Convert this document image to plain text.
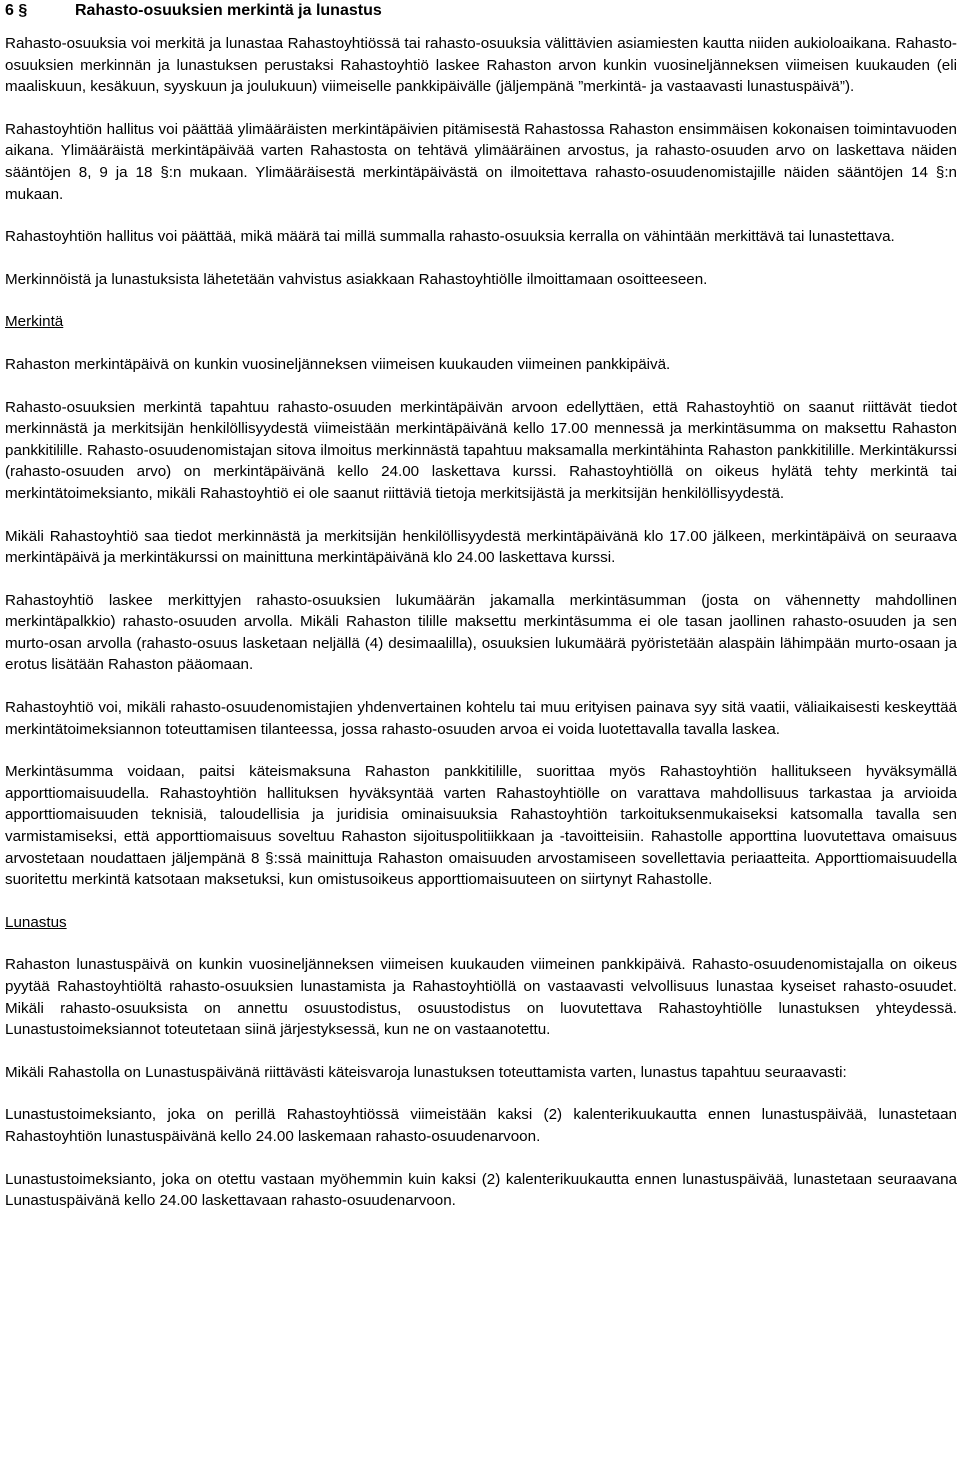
6 §	Rahasto-osuuksien merkintä ja lunastus

Rahasto-osuuksia voi merkitä ja lunastaa Rahastoyhtiössä tai rahasto-osuuksia välittävien asiamiesten kautta niiden aukioloaikana. Rahasto-osuuksien merkinnän ja lunastuksen perustaksi Rahastoyhtiö laskee Rahaston arvon kunkin vuosineljänneksen viimeisen kuukauden (eli maaliskuun, kesäkuun, syyskuun ja joulukuun) viimeiselle pankkipäivälle (jäljempänä ”merkintä- ja vastaavasti lunastuspäivä”).

Rahastoyhtiön hallitus voi päättää ylimääräisten merkintäpäivien pitämisestä Rahastossa Rahaston ensimmäisen kokonaisen toimintavuoden aikana. Ylimääräistä merkintäpäivää varten Rahastosta on tehtävä ylimääräinen arvostus, ja rahasto-osuuden arvo on laskettava näiden sääntöjen 8, 9 ja 18 §:n mukaan. Ylimääräisestä merkintäpäivästä on ilmoitettava rahasto-osuudenomistajille näiden sääntöjen 14 §:n mukaan.

Rahastoyhtiön hallitus voi päättää, mikä määrä tai millä summalla rahasto-osuuksia kerralla on vähintään merkittävä tai lunastettava.

Merkinnöistä ja lunastuksista lähetetään vahvistus asiakkaan Rahastoyhtiölle ilmoittamaan osoitteeseen.

Merkintä

Rahaston merkintäpäivä on kunkin vuosineljänneksen viimeisen kuukauden viimeinen pankkipäivä.

Rahasto-osuuksien merkintä tapahtuu rahasto-osuuden merkintäpäivän arvoon edellyttäen, että Rahastoyhtiö on saanut riittävät tiedot merkinnästä ja merkitsijän henkilöllisyydestä viimeistään merkintäpäivänä kello 17.00 mennessä ja merkintäsumma on maksettu Rahaston pankkitilille. Rahasto-osuudenomistajan sitova ilmoitus merkinnästä tapahtuu maksamalla merkintähinta Rahaston pankkitilille. Merkintäkurssi (rahasto-osuuden arvo) on merkintäpäivänä kello 24.00 laskettava kurssi. Rahastoyhtiöllä on oikeus hylätä tehty merkintä tai merkintätoimeksianto, mikäli Rahastoyhtiö ei ole saanut riittäviä tietoja merkitsijästä ja merkitsijän henkilöllisyydestä.

Mikäli Rahastoyhtiö saa tiedot merkinnästä ja merkitsijän henkilöllisyydestä merkintäpäivänä klo 17.00 jälkeen, merkintäpäivä on seuraava merkintäpäivä ja merkintäkurssi on mainittuna merkintäpäivänä klo 24.00 laskettava kurssi.

Rahastoyhtiö laskee merkittyjen rahasto-osuuksien lukumäärän jakamalla merkintäsumman (josta on vähennetty mahdollinen merkintäpalkkio) rahasto-osuuden arvolla. Mikäli Rahaston tilille maksettu merkintäsumma ei ole tasan jaollinen rahasto-osuuden ja sen murto-osan arvolla (rahasto-osuus lasketaan neljällä (4) desimaalilla), osuuksien lukumäärä pyöristetään alaspäin lähimpään murto-osaan ja erotus lisätään Rahaston pääomaan.

Rahastoyhtiö voi, mikäli rahasto-osuudenomistajien yhdenvertainen kohtelu tai muu erityisen painava syy sitä vaatii, väliaikaisesti keskeyttää merkintätoimeksiannon toteuttamisen tilanteessa, jossa rahasto-osuuden arvoa ei voida luotettavalla tavalla laskea.

Merkintäsumma voidaan, paitsi käteismaksuna Rahaston pankkitilille, suorittaa myös Rahastoyhtiön hallitukseen hyväksymällä apporttiomaisuudella. Rahastoyhtiön hallituksen hyväksyntää varten Rahastoyhtiölle on varattava mahdollisuus tarkastaa ja arvioida apporttiomaisuuden teknisiä, taloudellisia ja juridisia ominaisuuksia Rahastoyhtiön tarkoituksenmukaiseksi katsomalla tavalla sen varmistamiseksi, että apporttiomaisuus soveltuu Rahaston sijoituspolitiikkaan ja -tavoitteisiin. Rahastolle apporttina luovutettava omaisuus arvostetaan noudattaen jäljempänä 8 §:ssä mainittuja Rahaston omaisuuden arvostamiseen sovellettavia periaatteita. Apporttiomaisuudella suoritettu merkintä katsotaan maksetuksi, kun omistusoikeus apporttiomaisuuteen on siirtynyt Rahastolle.

Lunastus

Rahaston lunastuspäivä on kunkin vuosineljänneksen viimeisen kuukauden viimeinen pankkipäivä. Rahasto-osuudenomistajalla on oikeus pyytää Rahastoyhtiöltä rahasto-osuuksien lunastamista ja Rahastoyhtiöllä on vastaavasti velvollisuus lunastaa kyseiset rahasto-osuudet. Mikäli rahasto-osuuksista on annettu osuustodistus, osuustodistus on luovutettava Rahastoyhtiölle lunastuksen yhteydessä. Lunastustoimeksiannot toteutetaan siinä järjestyksessä, kun ne on vastaanotettu.

Mikäli Rahastolla on Lunastuspäivänä riittävästi käteisvaroja lunastuksen toteuttamista varten, lunastus tapahtuu seuraavasti:

Lunastustoimeksianto, joka on perillä Rahastoyhtiössä viimeistään kaksi (2) kalenterikuukautta ennen lunastuspäivää, lunastetaan Rahastoyhtiön lunastuspäivänä kello 24.00 laskemaan rahasto-osuudenarvoon.

Lunastustoimeksianto, joka on otettu vastaan myöhemmin kuin kaksi (2) kalenterikuukautta ennen lunastuspäivää, lunastetaan seuraavana Lunastuspäivänä kello 24.00 laskettavaan rahasto-osuudenarvoon.
